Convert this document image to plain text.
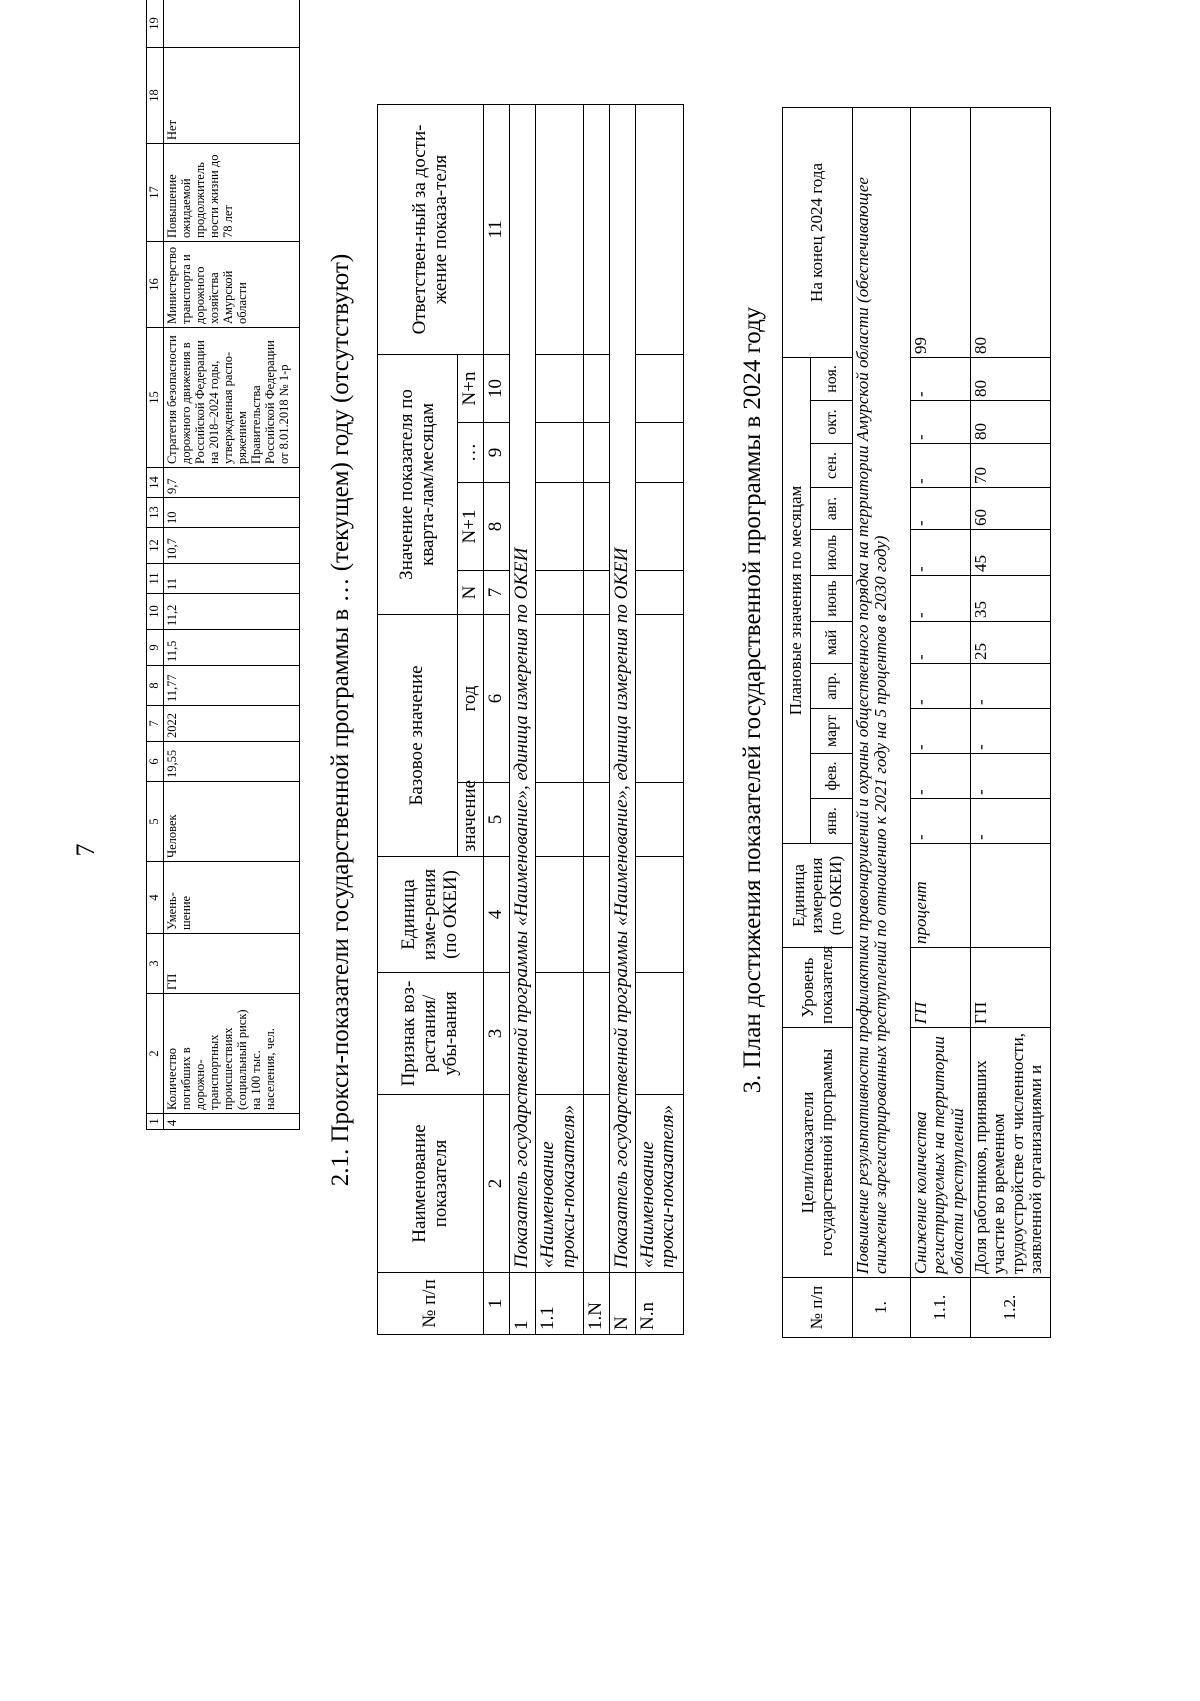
7
1	2	3	4	5	6	7	8	9	10	11	12	13	14	15	16	17	18	19
4	Количество погибших в дорожно-транспортных происшествиях (социальный риск) на 100 тыс. населения, чел.	ГП	Умень-шение	Человек	19,55	2022	11,77	11,5	11,2	11	10,7	10	9,7	Стратегия безопасности дорожного движения в Российской Федерации на 2018–2024 годы, утвержденная распо-ряжением Правительства Российской Федерации от 8.01.2018 № 1-р	Министерство транспорта и дорожного хозяйства Амурской области	Повышение ожидаемой продолжитель ности жизни до 78 лет	Нет	
2.1. Прокси-показатели государственной программы в … (текущем) году (отсутствуют)
№ п/п	Наименование показателя	Признак воз-растания/ убы-вания	Единица изме-рения (по ОКЕИ)	Базовое значение		Значение показателя по кварта-лам/месяцам				Ответствен-ный за дости-жение показа-теля
				значение	год	N	N+1	…	N+n	
1	2	3	4	5	6	7	8	9	10	11
1	Показатель государственной программы «Наименование», единица измерения по ОКЕИ									
1.1	«Наименование прокси-показателя»									
1.N										
N	Показатель государственной программы «Наименование», единица измерения по ОКЕИ									
N.n	«Наименование прокси-показателя»									
3. План достижения показателей государственной программы в 2024 году
№ п/п	Цели/показатели государственной программы	Уровень показателя	Единица измерения (по ОКЕИ)	Плановые значения по месяцам											На конец 2024 года
				янв.	фев.	март	апр.	май	июнь	июль	авг.	сен.	окт.	ноя.	
1.	Повышение результативности профилактики правонарушений и охраны общественного порядка на территории Амурской области (обеспечивающее снижение зарегистрированных преступлений по отношению к 2021 году на 5 процентов в 2030 году)														
1.1.	Снижение количества регистрируемых на территории области преступлений	ГП	процент	-	-	-	-	-	-	-	-	-	-	-	99
1.2.	Доля работников, принявших участие во временном трудоустройстве от численности, заявленной организациями и	ГП		-	-	-	-	25	35	45	60	70	80	80	80
